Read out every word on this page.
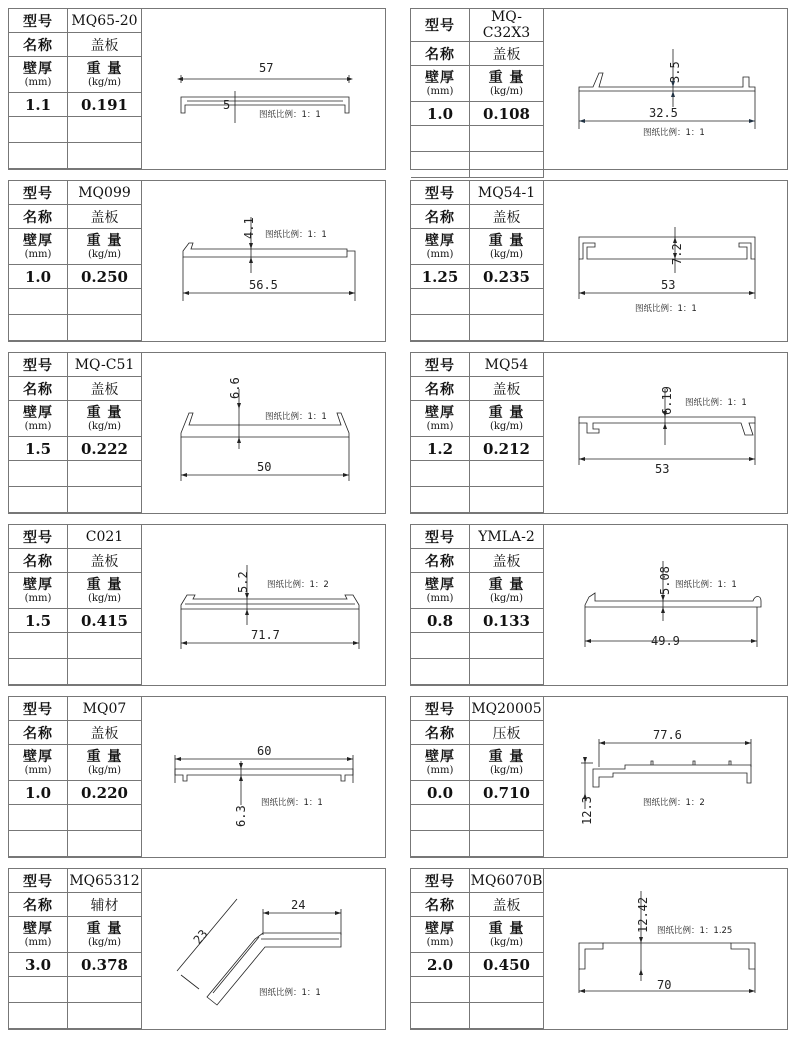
型号	MQ65-20
名称	盖板

壁厚
(mm)	重 量
(kg/m)

1.1	0.191

57
5
图纸比例：1：1
型号	MQ-C32X3
名称	盖板

壁厚
(mm)	重 量
(kg/m)

1.0	0.108

3.5
32.5
图纸比例：1：1
型号	MQ099
名称	盖板

壁厚
(mm)	重 量
(kg/m)

1.0	0.250

4.1
56.5
图纸比例：1：1
型号	MQ54-1
名称	盖板

壁厚
(mm)	重 量
(kg/m)

1.25	0.235

7.2
53
图纸比例：1：1
型号	MQ-C51
名称	盖板

壁厚
(mm)	重 量
(kg/m)

1.5	0.222

6.6
50
图纸比例：1：1
型号	MQ54
名称	盖板

壁厚
(mm)	重 量
(kg/m)

1.2	0.212

6.19
53
图纸比例：1：1
型号	C021
名称	盖板

壁厚
(mm)	重 量
(kg/m)

1.5	0.415

5.2
71.7
图纸比例：1：2
型号	YMLA-2
名称	盖板

壁厚
(mm)	重 量
(kg/m)

0.8	0.133

5.08
49.9
图纸比例：1：1
型号	MQ07
名称	盖板

壁厚
(mm)	重 量
(kg/m)

1.0	0.220

60
6.3
图纸比例：1：1
型号	MQ20005
名称	压板

壁厚
(mm)	重 量
(kg/m)

0.0	0.710

77.6
12.3	图纸比例：1：2
型号	MQ65312
名称	辅材

壁厚
(mm)	重 量
(kg/m)

3.0	0.378

24
23
图纸比例：1：1
型号	MQ6070B
名称	盖板

壁厚
(mm)	重 量
(kg/m)

2.0	0.450

12.42
70
图纸比例：1：1.25
